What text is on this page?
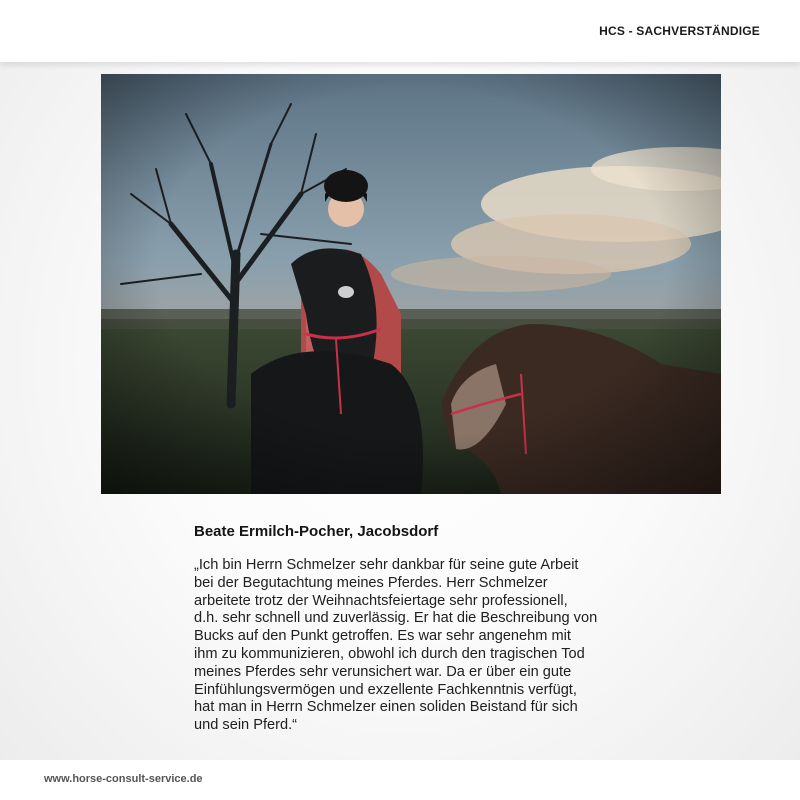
HCS - SACHVERSTÄNDIGE
Beate Ermilch-Pocher, Jacobsdorf
„Ich bin Herrn Schmelzer sehr dankbar für seine gute Arbeit
bei der Begutachtung meines Pferdes. Herr Schmelzer
arbeitete trotz der Weihnachtsfeiertage sehr professionell,
d.h. sehr schnell und zuverlässig. Er hat die Beschreibung von
Bucks auf den Punkt getroffen. Es war sehr angenehm mit
ihm zu kommunizieren, obwohl ich durch den tragischen Tod
meines Pferdes sehr verunsichert war. Da er über ein gute
Einfühlungsvermögen und exzellente Fachkenntnis verfügt,
hat man in Herrn Schmelzer einen soliden Beistand für sich
und sein Pferd.“
www.horse-consult-service.de
